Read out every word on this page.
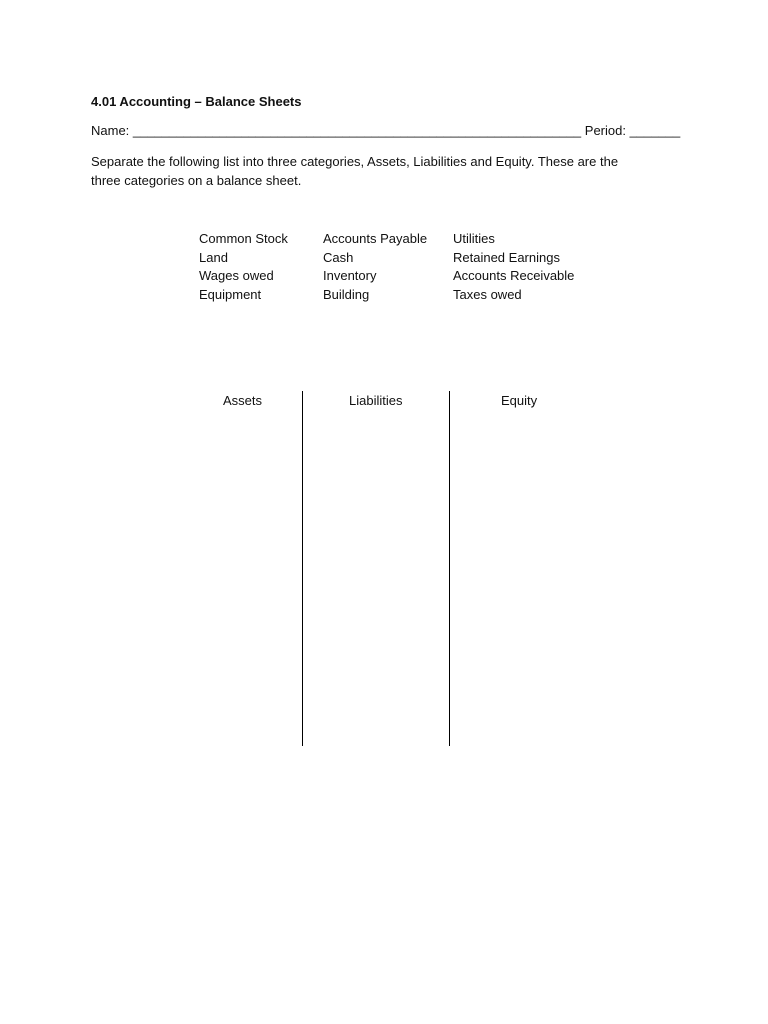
4.01 Accounting – Balance Sheets
Name: ______________________________________________________________ Period: _______
Separate the following list into three categories, Assets, Liabilities and Equity. These are the three categories on a balance sheet.
Common Stock
Land
Wages owed
Equipment
Accounts Payable
Cash
Inventory
Building
Utilities
Retained Earnings
Accounts Receivable
Taxes owed
Assets	Liabilities	Equity
